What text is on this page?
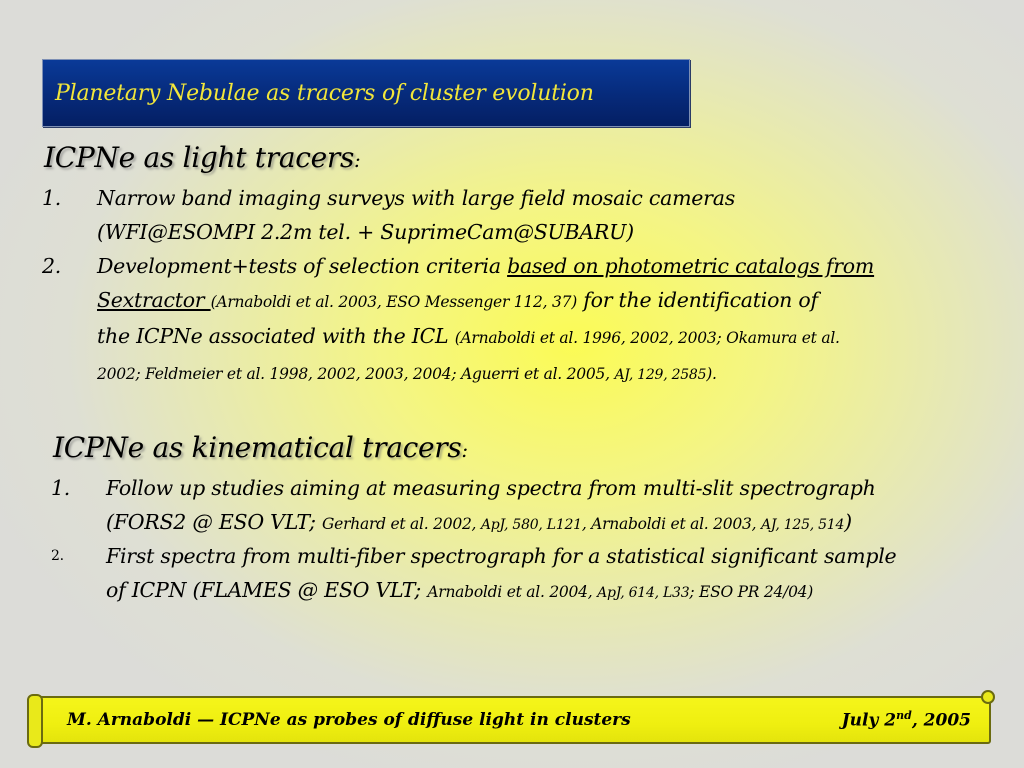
Planetary Nebulae as tracers of cluster evolution
ICPNe as light tracers:
1. Narrow band imaging surveys with large field mosaic cameras
(WFI@ESOMPI 2.2m tel. + SuprimeCam@SUBARU)
2. Development+tests of selection criteria based on photometric catalogs from
Sextractor (Arnaboldi et al. 2003, ESO Messenger 112, 37) for the identification of
the ICPNe associated with the ICL (Arnaboldi et al. 1996, 2002, 2003; Okamura et al.
2002; Feldmeier et al. 1998, 2002, 2003, 2004; Aguerri et al. 2005, AJ, 129, 2585).
ICPNe as kinematical tracers:
1. Follow up studies aiming at measuring spectra from multi-slit spectrograph
(FORS2 @ ESO VLT; Gerhard et al. 2002, ApJ, 580, L121, Arnaboldi et al. 2003, AJ, 125, 514)
2. First spectra from multi-fiber spectrograph for a statistical significant sample
of ICPN (FLAMES @ ESO VLT; Arnaboldi et al. 2004, ApJ, 614, L33; ESO PR 24/04)
M. Arnaboldi — ICPNe as probes of diffuse light in clusters	July 2nd, 2005
